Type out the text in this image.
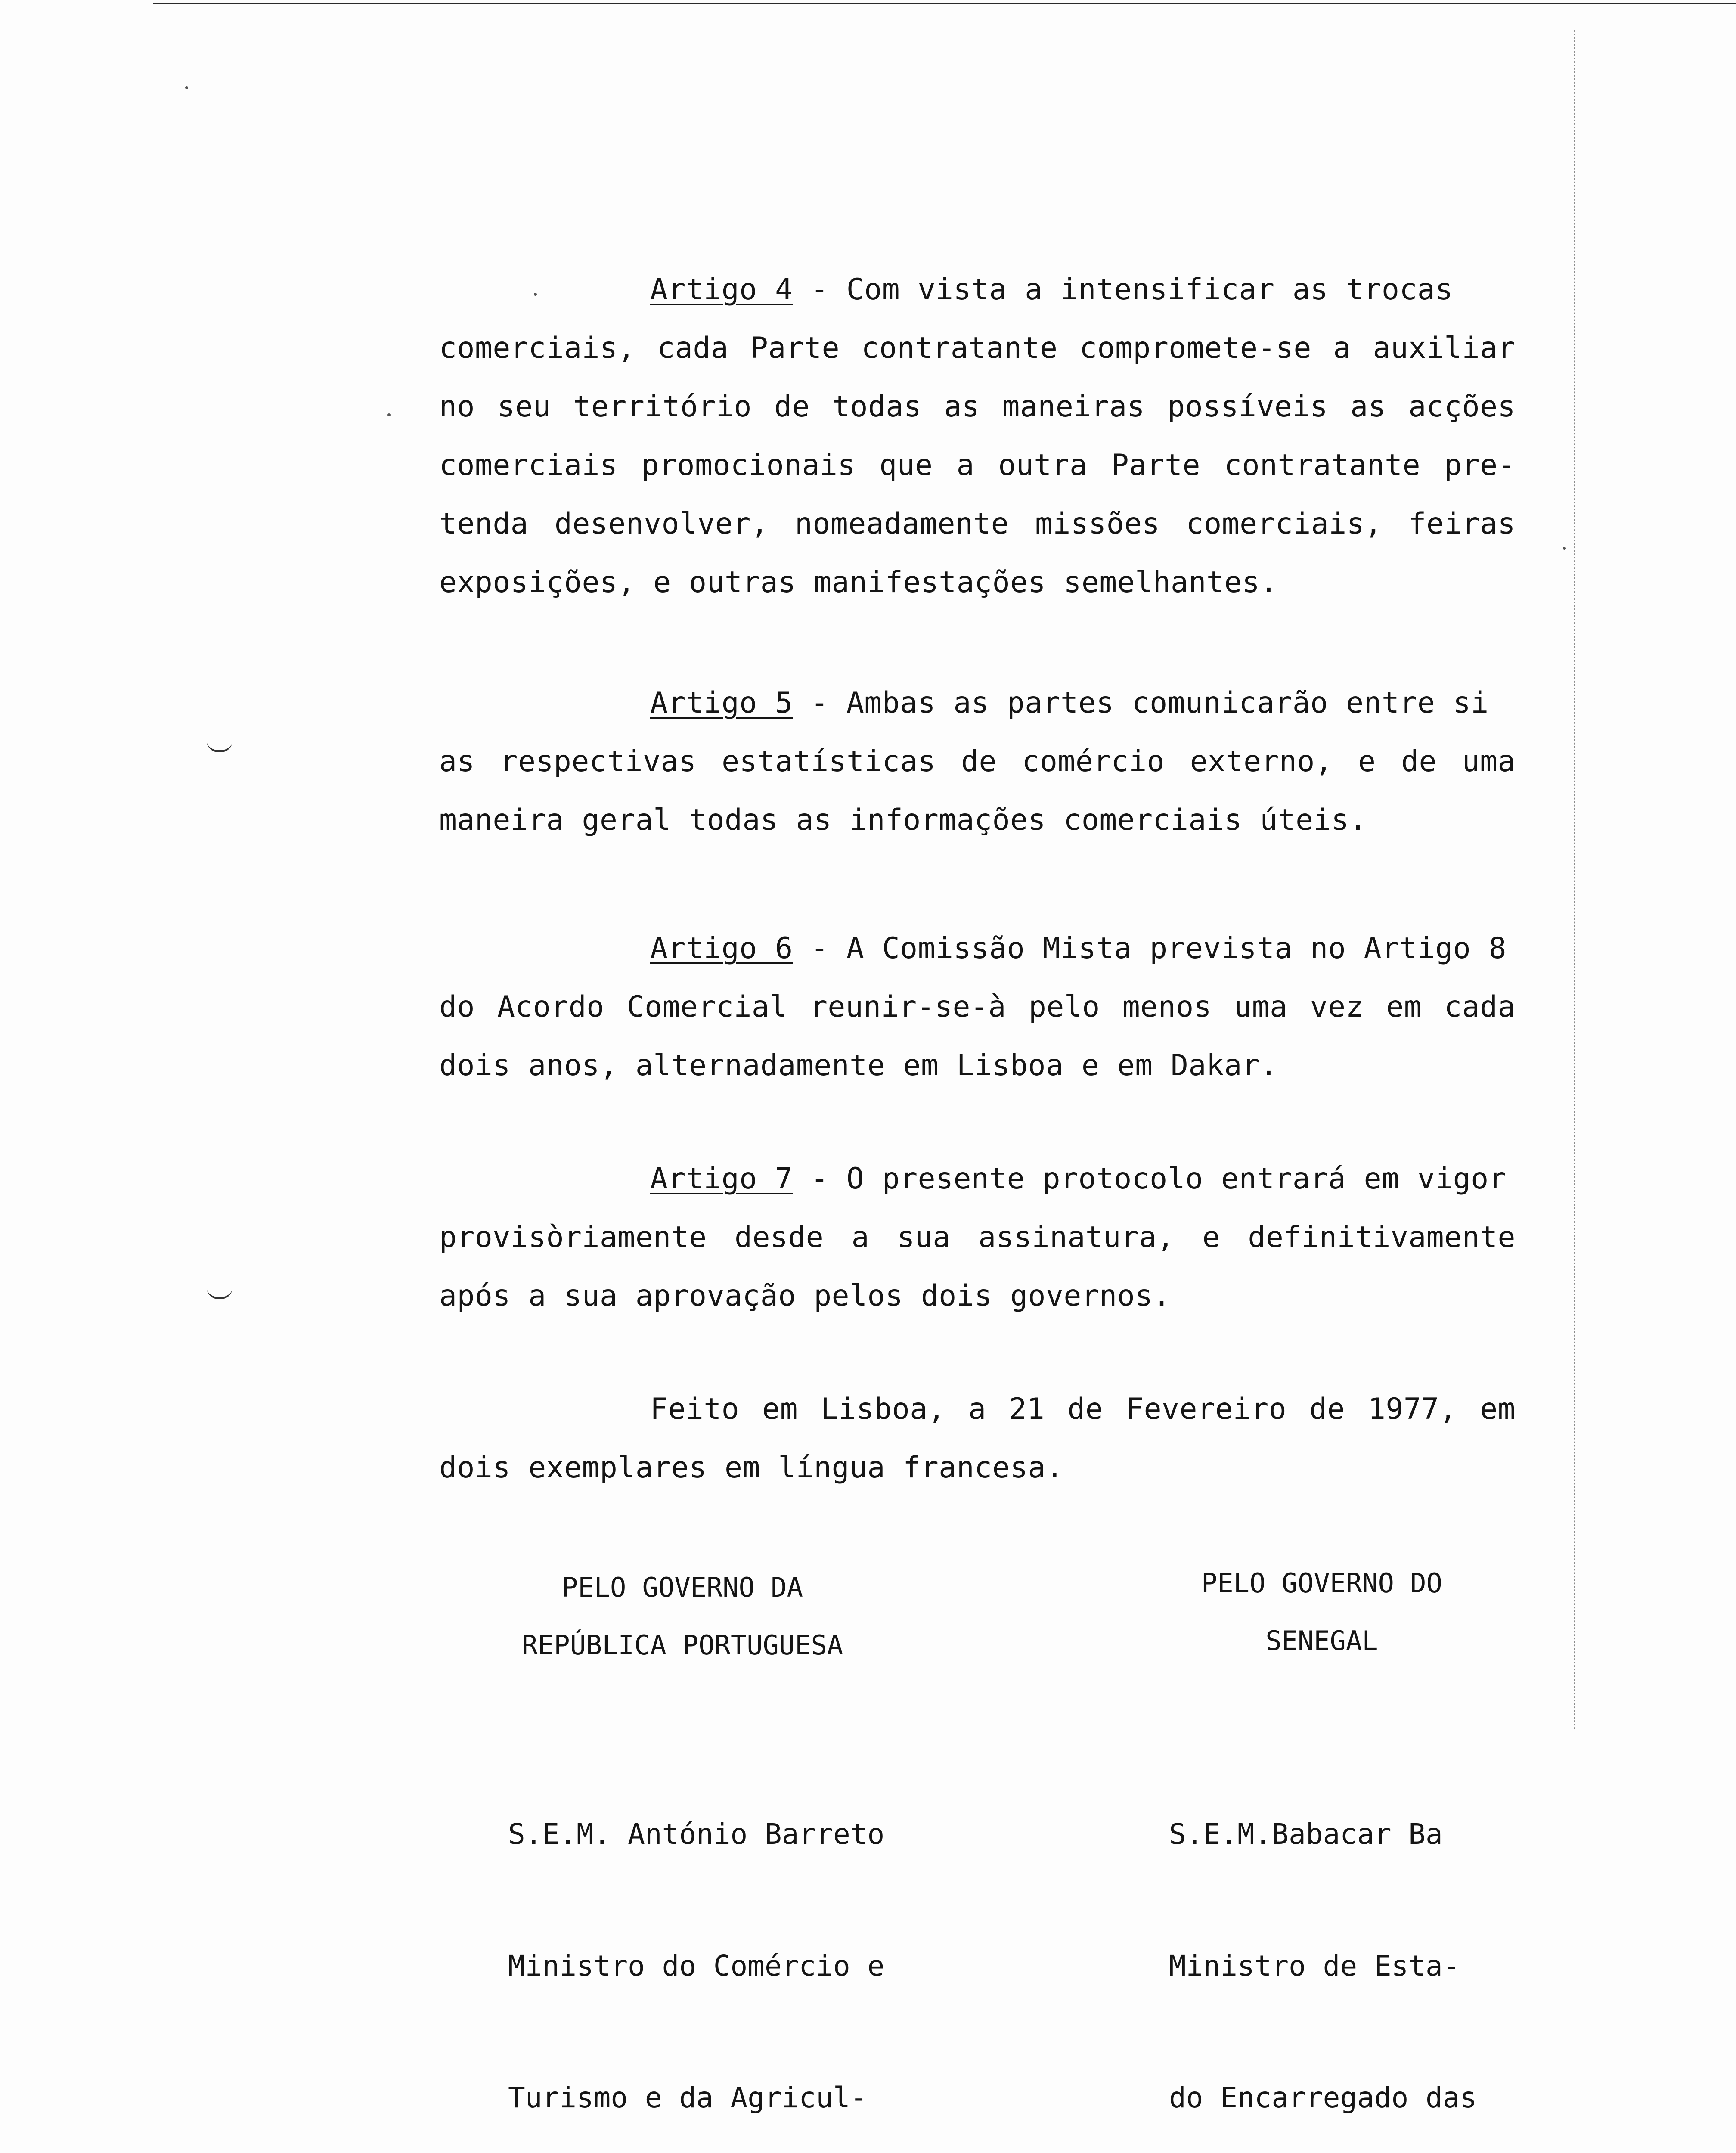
Artigo 4 - Com vista a intensificar as trocas
comerciais, cada Parte contratante compromete-se a auxiliar
no seu território de todas as maneiras possíveis as acções
comerciais promocionais que a outra Parte contratante pre-
tenda desenvolver, nomeadamente missões comerciais, feiras
exposições, e outras manifestações semelhantes.
Artigo 5 - Ambas as partes comunicarão entre si
as respectivas estatísticas de comércio externo, e de uma
maneira geral todas as informações comerciais úteis.
Artigo 6 - A Comissão Mista prevista no Artigo 8
do Acordo Comercial reunir-se-à pelo menos uma vez em cada
dois anos, alternadamente em Lisboa e em Dakar.
Artigo 7 - O presente protocolo entrará em vigor
provisòriamente desde a sua assinatura, e definitivamente
após a sua aprovação pelos dois governos.
Feito em Lisboa, a 21 de Fevereiro de 1977, em
dois exemplares em língua francesa.
PELO GOVERNO DA
REPÚBLICA PORTUGUESA
PELO GOVERNO DO
SENEGAL

S.E.M. António Barreto

Ministro do Comércio e

Turismo e da Agricul-

S.E.M.Babacar Ba

Ministro de Esta-

do Encarregado das
